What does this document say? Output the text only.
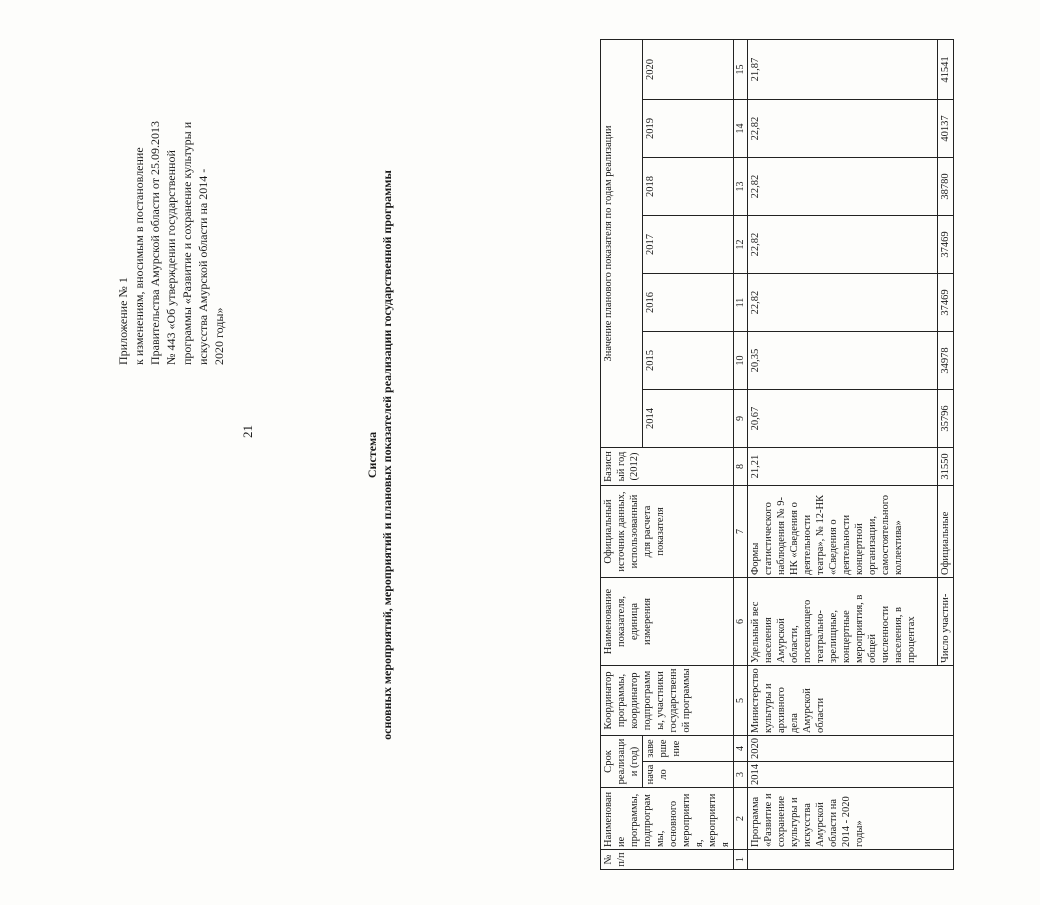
21
Приложение № 1 к изменениям, вносимым в постановление Правительства Амурской области от 25.09.2013 № 443 «Об утверждении государственной программы «Развитие и сохранение культуры и искусства Амурской области на 2014 - 2020 годы»
Система основных мероприятий, мероприятий и плановых показателей реализации государственной программы
№ п/п	Наименование программы, подпрограммы, основного мероприятия, мероприятия	Срок реализации (год)		Координатор программы, координатор подпрограммы, участники государственной программы	Наименование показателя, единица измерения	Официальный источник данных, использованный для расчета показателя	Базисный год (2012)	Значение планового показателя по годам реализации						
		начало	завершение					2014	2015	2016	2017	2018	2019	2020

1	2	3	4	5	6	7	8	9	10	11	12	13	14	15
	Программа «Развитие и сохранение культуры и искусства Амурской области на 2014 - 2020 годы»	2014	2020	Министерство культуры и архивного дела Амурской области	Удельный вес населения Амурской области, посещающего театрально-зрелищные, концертные мероприятия, в общей численности населения, в процентах	Формы статистического наблюдения № 9-НК «Сведения о деятельности театра», № 12-НК «Сведения о деятельности концертной организации, самостоятельного коллектива»	21,21	20,67	20,35	22,82	22,82	22,82	22,82	21,87
					Число участни-	Официальные	31550	35796	34978	37469	37469	38780	40137	41541
